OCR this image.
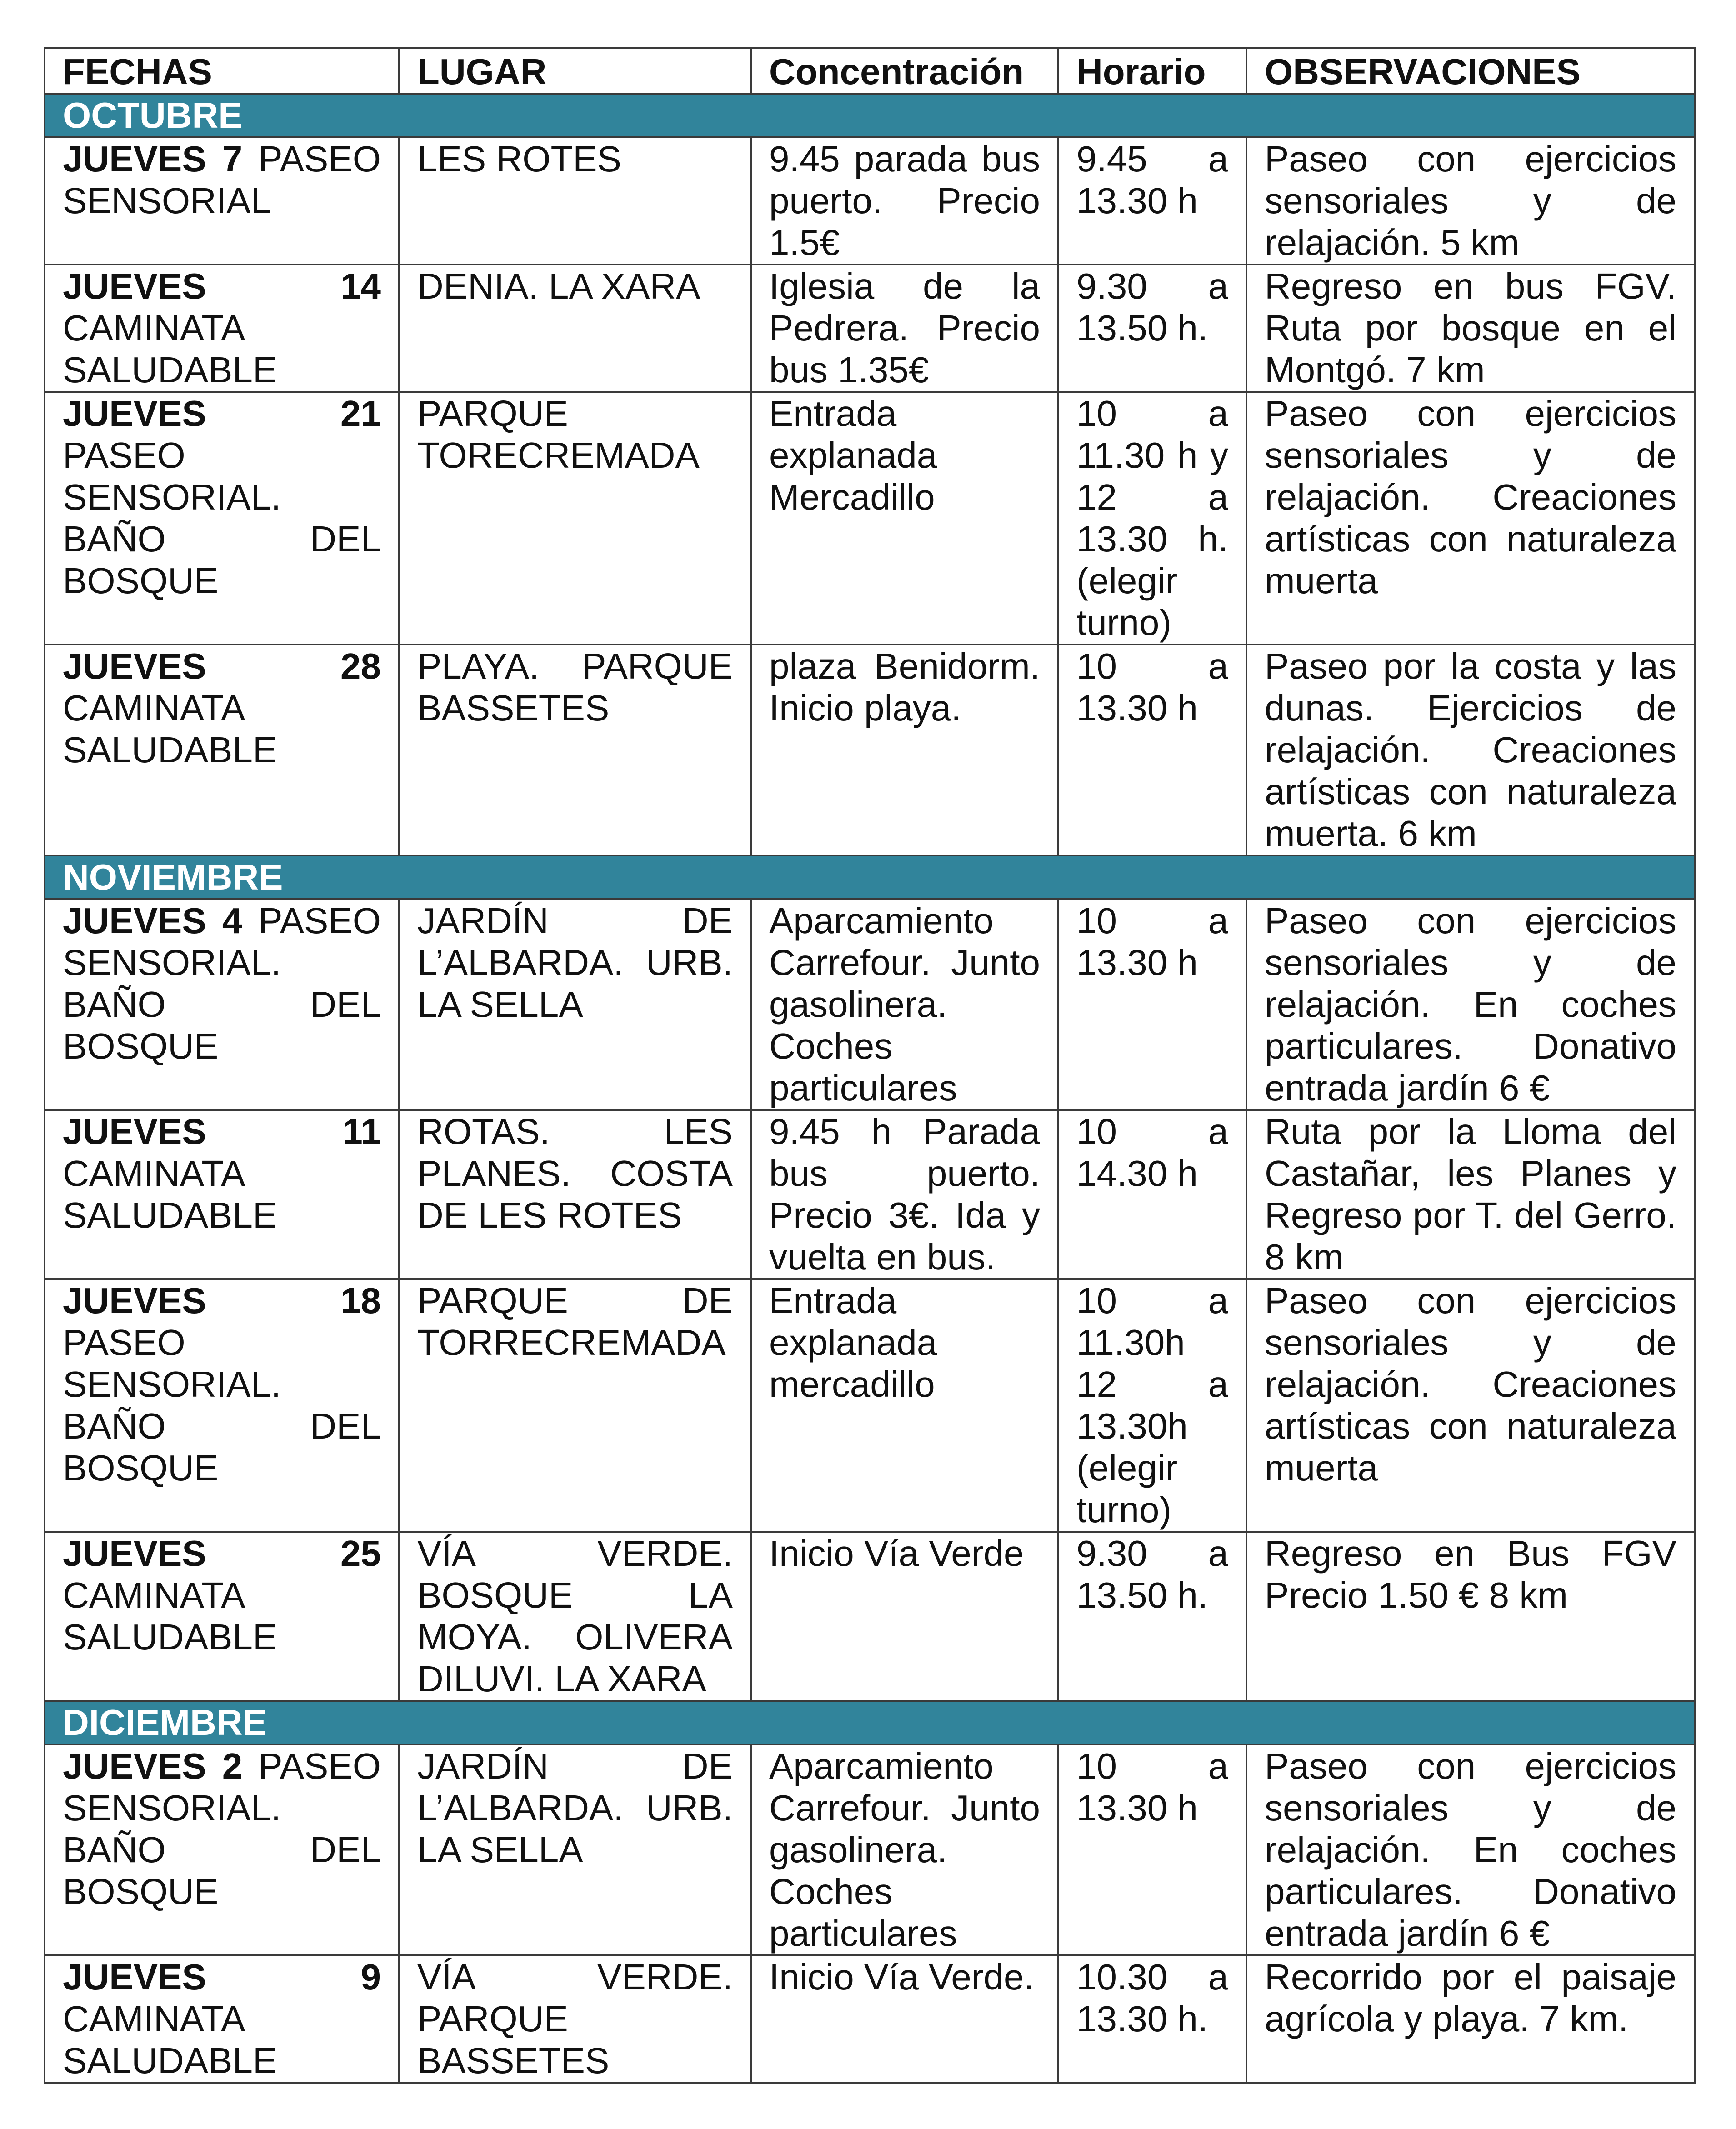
FECHAS	LUGAR	Concentración	Horario	OBSERVACIONES
OCTUBRE				
JUEVES 7 PASEO SENSORIAL	LES ROTES	9.45 parada bus puerto. Precio 1.5€	9.45 a 13.30 h	Paseo con ejercicios sensoriales y de relajación. 5 km
JUEVES 14 CAMINATA SALUDABLE	DENIA. LA XARA	Iglesia de la Pedrera. Precio bus 1.35€	9.30 a 13.50 h.	Regreso en bus FGV. Ruta por bosque en el Montgó. 7 km
JUEVES 21 PASEO SENSORIAL. BAÑO DEL BOSQUE	PARQUE TORECREMADA	Entrada explanada Mercadillo	10 a 11.30 h y 12 a 13.30 h. (elegir turno)	Paseo con ejercicios sensoriales y de relajación. Creaciones artísticas con naturaleza muerta
JUEVES 28 CAMINATA SALUDABLE	PLAYA. PARQUE BASSETES	plaza Benidorm. Inicio playa.	10 a 13.30 h	Paseo por la costa y las dunas. Ejercicios de relajación. Creaciones artísticas con naturaleza muerta. 6 km
NOVIEMBRE				
JUEVES 4 PASEO SENSORIAL. BAÑO DEL BOSQUE	JARDÍN DE L’ALBARDA. URB. LA SELLA	Aparcamiento Carrefour. Junto gasolinera. Coches particulares	10 a 13.30 h	Paseo con ejercicios sensoriales y de relajación. En coches particulares. Donativo entrada jardín 6 €
JUEVES 11 CAMINATA SALUDABLE	ROTAS. LES PLANES. COSTA DE LES ROTES	9.45 h Parada bus puerto. Precio 3€. Ida y vuelta en bus.	10 a 14.30 h	Ruta por la Lloma del Castañar, les Planes y Regreso por T. del Gerro. 8 km
JUEVES 18 PASEO SENSORIAL. BAÑO DEL BOSQUE	PARQUE DE TORRECREMADA	Entrada explanada mercadillo	10 a 11.30h 12 a 13.30h (elegir turno)	Paseo con ejercicios sensoriales y de relajación. Creaciones artísticas con naturaleza muerta
JUEVES 25 CAMINATA SALUDABLE	VÍA VERDE. BOSQUE LA MOYA. OLIVERA DILUVI. LA XARA	Inicio Vía Verde	9.30 a 13.50 h.	Regreso en Bus FGV Precio 1.50 € 8 km
DICIEMBRE				
JUEVES 2 PASEO SENSORIAL. BAÑO DEL BOSQUE	JARDÍN DE L’ALBARDA. URB. LA SELLA	Aparcamiento Carrefour. Junto gasolinera. Coches particulares	10 a 13.30 h	Paseo con ejercicios sensoriales y de relajación. En coches particulares. Donativo entrada jardín 6 €
JUEVES 9 CAMINATA SALUDABLE	VÍA VERDE. PARQUE BASSETES	Inicio Vía Verde.	10.30 a 13.30 h.	Recorrido por el paisaje agrícola y playa. 7 km.
